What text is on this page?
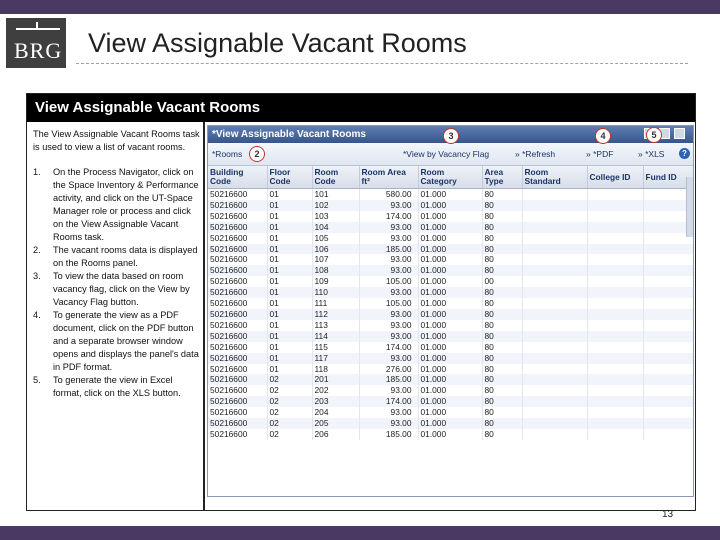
BRG View Assignable Vacant Rooms
View Assignable Vacant Rooms

The View Assignable Vacant Rooms task is used to view a list of vacant rooms.

1. On the Process Navigator, click on the Space Inventory & Performance activity, and click on the UT-Space Manager role or process and click on the View Assignable Vacant Rooms task.
2. The vacant rooms data is displayed on the Rooms panel.
3. To view the data based on room vacancy flag, click on the View by Vacancy Flag button.
4. To generate the view as a PDF document, click on the PDF button and a separate browser window opens and displays the panel's data in PDF format.
5. To generate the view in Excel format, click on the XLS button.
*View Assignable Vacant Rooms
*Rooms	*View by Vacancy Flag	» *Refresh	» *PDF	» *XLS	?
Building Code	Floor Code	Room Code	Room Area ft²	Room Category	Area Type	Room Standard	College ID	Fund ID
50216600	01	101	580.00	01.000	80			
50216600	01	102	93.00	01.000	80			
50216600	01	103	174.00	01.000	80			
50216600	01	104	93.00	01.000	80			
50216600	01	105	93.00	01.000	80			
50216600	01	106	185.00	01.000	80			
50216600	01	107	93.00	01.000	80			
50216600	01	108	93.00	01.000	80			
50216600	01	109	105.00	01.000	00			
50216600	01	110	93.00	01.000	80			
50216600	01	111	105.00	01.000	80			
50216600	01	112	93.00	01.000	80			
50216600	01	113	93.00	01.000	80			
50216600	01	114	93.00	01.000	80			
50216600	01	115	174.00	01.000	80			
50216600	01	117	93.00	01.000	80			
50216600	01	118	276.00	01.000	80			
50216600	02	201	185.00	01.000	80			
50216600	02	202	93.00	01.000	80			
50216600	02	203	174.00	01.000	80			
50216600	02	204	93.00	01.000	80			
50216600	02	205	93.00	01.000	80			
50216600	02	206	185.00	01.000	80			
2
3	4	5
13
